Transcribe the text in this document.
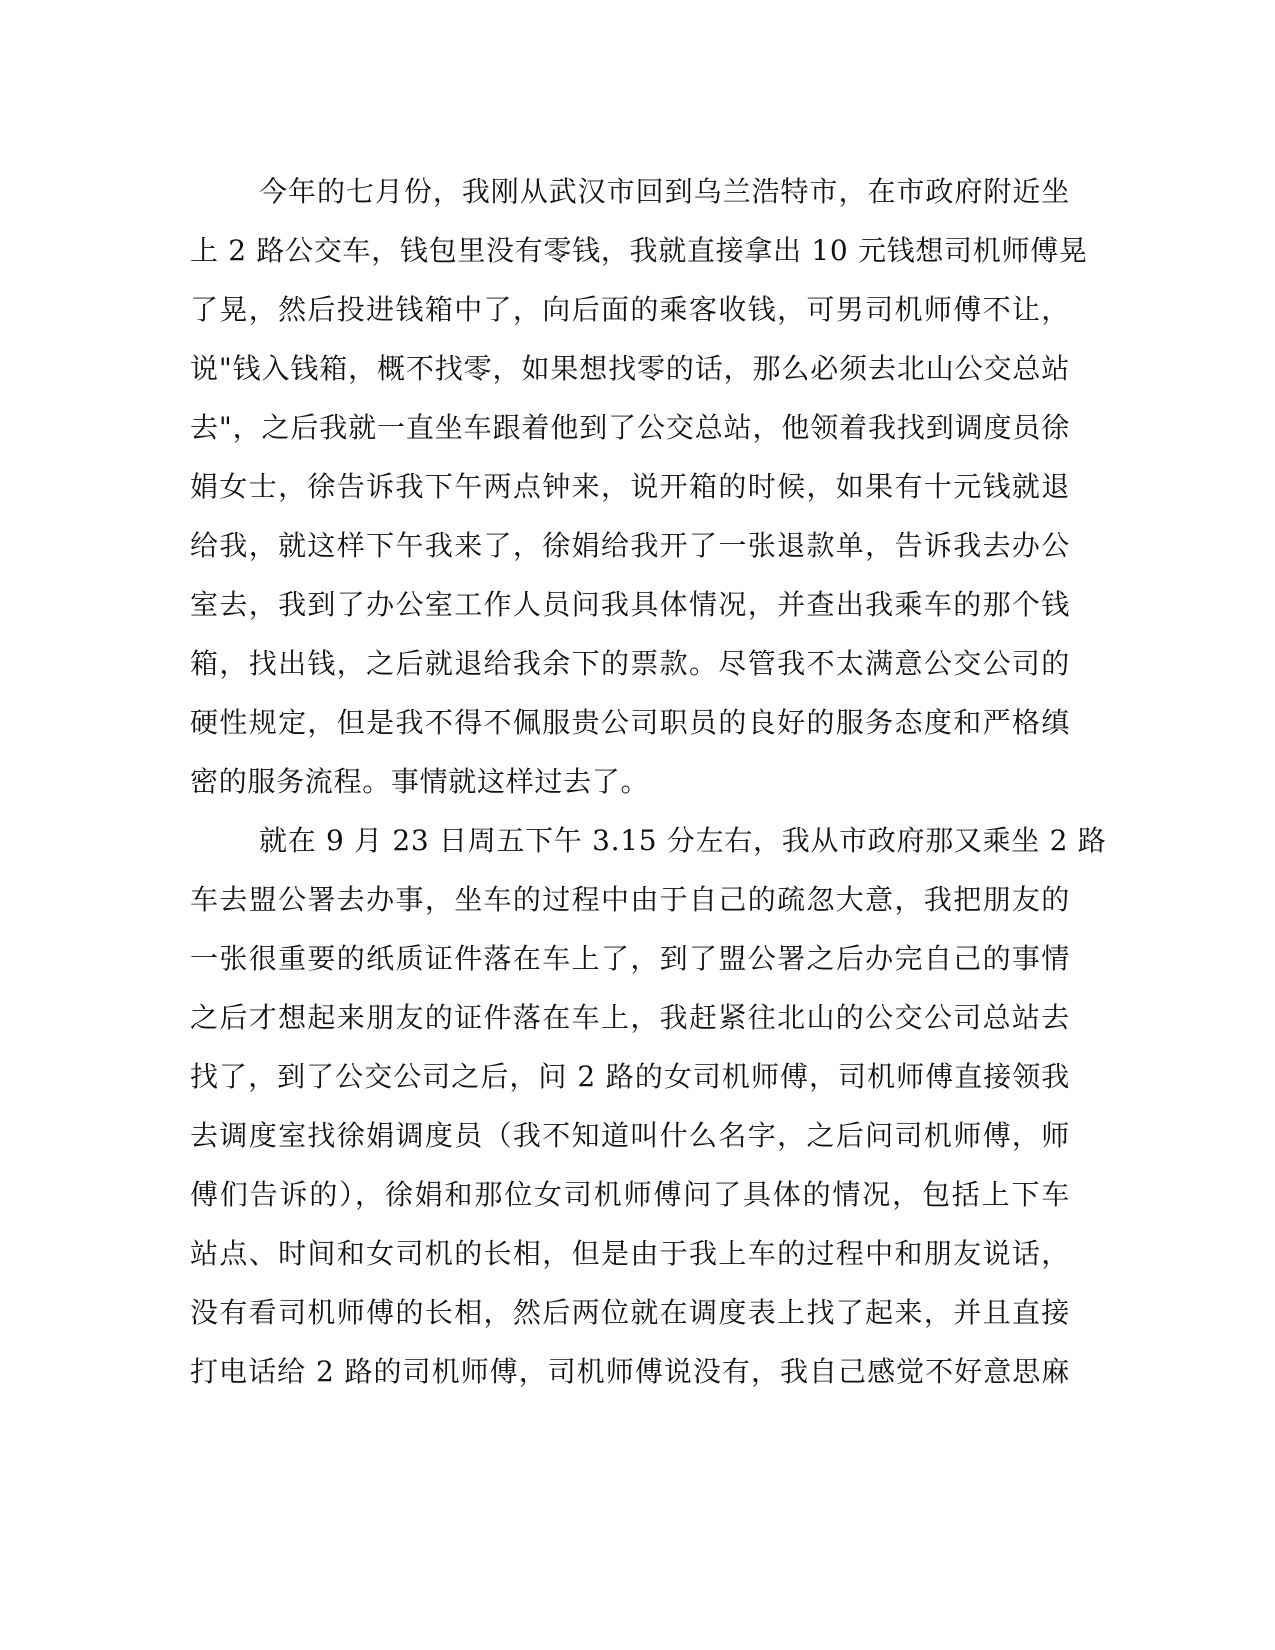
今年的七月份，我刚从武汉市回到乌兰浩特市，在市政府附近坐
上 2 路公交车，钱包里没有零钱，我就直接拿出 10 元钱想司机师傅晃
了晃，然后投进钱箱中了，向后面的乘客收钱，可男司机师傅不让，
说"钱入钱箱，概不找零，如果想找零的话，那么必须去北山公交总站
去"，之后我就一直坐车跟着他到了公交总站，他领着我找到调度员徐
娟女士，徐告诉我下午两点钟来，说开箱的时候，如果有十元钱就退
给我，就这样下午我来了，徐娟给我开了一张退款单，告诉我去办公
室去，我到了办公室工作人员问我具体情况，并查出我乘车的那个钱
箱，找出钱，之后就退给我余下的票款。尽管我不太满意公交公司的
硬性规定，但是我不得不佩服贵公司职员的良好的服务态度和严格缜
密的服务流程。事情就这样过去了。
就在 9 月 23 日周五下午 3.15 分左右，我从市政府那又乘坐 2 路
车去盟公署去办事，坐车的过程中由于自己的疏忽大意，我把朋友的
一张很重要的纸质证件落在车上了，到了盟公署之后办完自己的事情
之后才想起来朋友的证件落在车上，我赶紧往北山的公交公司总站去
找了，到了公交公司之后，问 2 路的女司机师傅，司机师傅直接领我
去调度室找徐娟调度员（我不知道叫什么名字，之后问司机师傅，师
傅们告诉的），徐娟和那位女司机师傅问了具体的情况，包括上下车
站点、时间和女司机的长相，但是由于我上车的过程中和朋友说话，
没有看司机师傅的长相，然后两位就在调度表上找了起来，并且直接
打电话给 2 路的司机师傅，司机师傅说没有，我自己感觉不好意思麻
